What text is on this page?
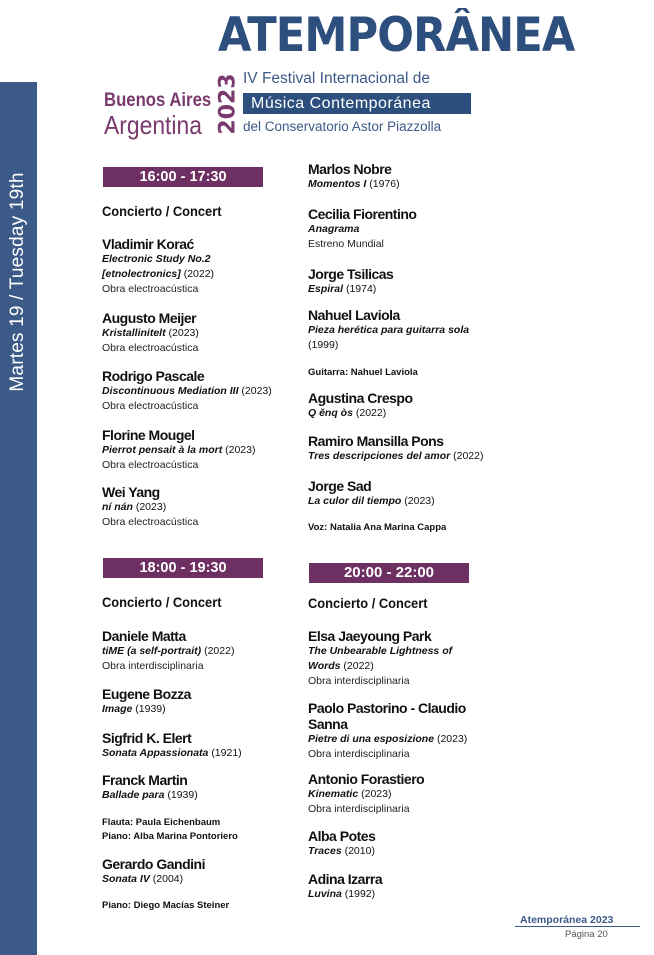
Martes 19 / Tuesday 19th
ATEMPORÂNEA
Buenos Aires
Argentina 2023 IV Festival Internacional de
Música Contemporánea
del Conservatorio Astor Piazzolla
16:00 - 17:30
Concierto / Concert
Vladimir Korać
Electronic Study No.2 [etnolectronics] (2022)
Obra electroacústica
Augusto Meijer
Kristallinitelt (2023)
Obra electroacústica
Rodrigo Pascale
Discontinuous Mediation III (2023)
Obra electroacústica
Florine Mougel
Pierrot pensait à la mort (2023)
Obra electroacústica
Wei Yang
ní nán (2023)
Obra electroacústica
Marlos Nobre
Momentos I (1976)
Cecilia Fiorentino
Anagrama
Estreno Mundial
Jorge Tsilicas
Espiral (1974)
Nahuel Laviola
Pieza herética para guitarra sola (1999)
Guitarra: Nahuel Laviola
Agustina Crespo
Q ěnq òs (2022)
Ramiro Mansilla Pons
Tres descripciones del amor (2022)
Jorge Sad
La culor dil tiempo (2023)
Voz: Natalia Ana Marina Cappa
18:00 - 19:30
Concierto / Concert
Daniele Matta
tiME (a self-portrait) (2022)
Obra interdisciplinaria
Eugene Bozza
Image (1939)
Sigfrid K. Elert
Sonata Appassionata (1921)
Franck Martin
Ballade para (1939)
Flauta: Paula Eichenbaum
Piano: Alba Marina Pontoriero
Gerardo Gandini
Sonata IV (2004)
Piano: Diego Macías Steiner
20:00 - 22:00
Concierto / Concert
Elsa Jaeyoung Park
The Unbearable Lightness of Words (2022)
Obra interdisciplinaria
Paolo Pastorino - Claudio Sanna
Pietre di una esposizione (2023)
Obra interdisciplinaria
Antonio Forastiero
Kinematic (2023)
Obra interdisciplinaria
Alba Potes
Traces (2010)
Adina Izarra
Luvina (1992)
Atemporánea 2023
Página 20
